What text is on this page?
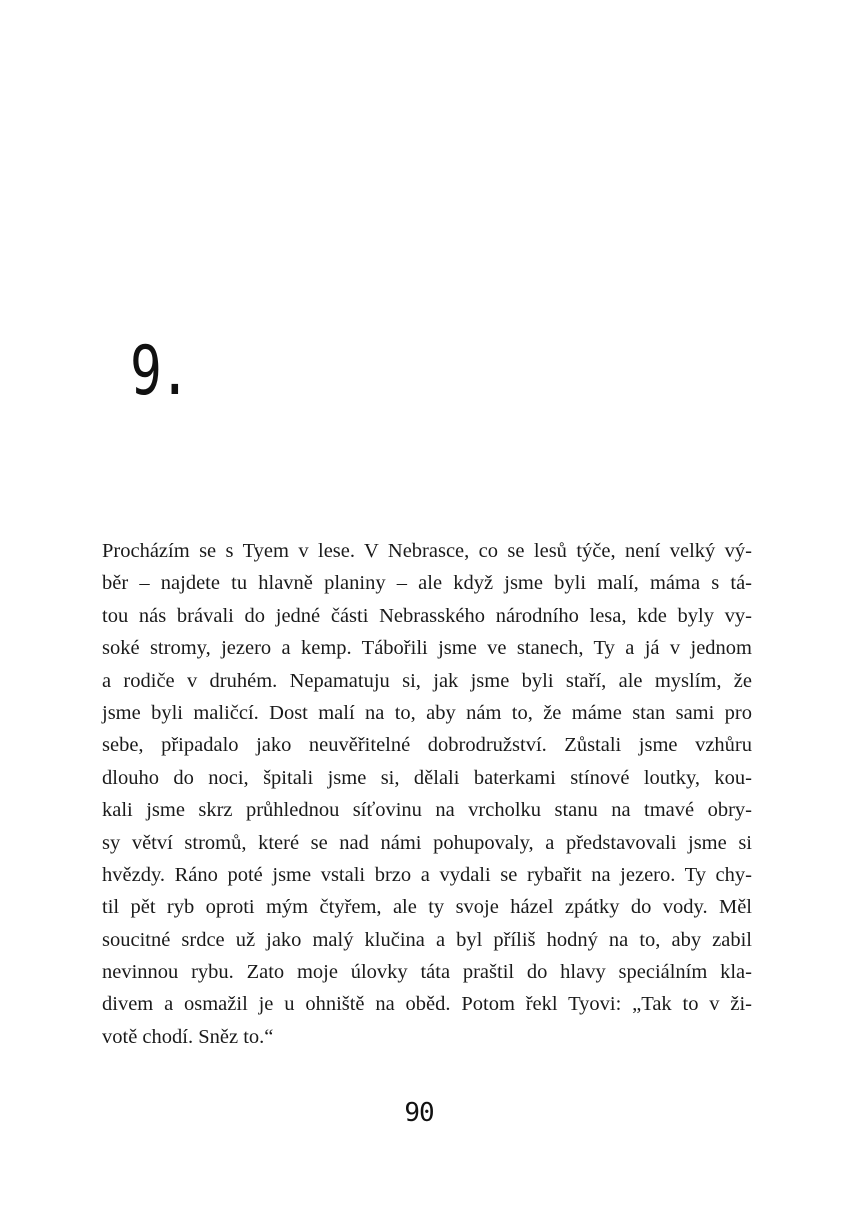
9.
Procházím se s Tyem v lese. V Nebrasce, co se lesů týče, není velký vý-
běr – najdete tu hlavně planiny – ale když jsme byli malí, máma s tá-
tou nás brávali do jedné části Nebrasského národního lesa, kde byly vy-
soké stromy, jezero a kemp. Tábořili jsme ve stanech, Ty a já v jednom
a rodiče v druhém. Nepamatuju si, jak jsme byli staří, ale myslím, že
jsme byli maličcí. Dost malí na to, aby nám to, že máme stan sami pro
sebe, připadalo jako neuvěřitelné dobrodružství. Zůstali jsme vzhůru
dlouho do noci, špitali jsme si, dělali baterkami stínové loutky, kou-
kali jsme skrz průhlednou síťovinu na vrcholku stanu na tmavé obry-
sy větví stromů, které se nad námi pohupovaly, a představovali jsme si
hvězdy. Ráno poté jsme vstali brzo a vydali se rybařit na jezero. Ty chy-
til pět ryb oproti mým čtyřem, ale ty svoje házel zpátky do vody. Měl
soucitné srdce už jako malý klučina a byl příliš hodný na to, aby zabil
nevinnou rybu. Zato moje úlovky táta praštil do hlavy speciálním kla-
divem a osmažil je u ohniště na oběd. Potom řekl Tyovi: „Tak to v ži-
votě chodí. Sněz to.“
90
